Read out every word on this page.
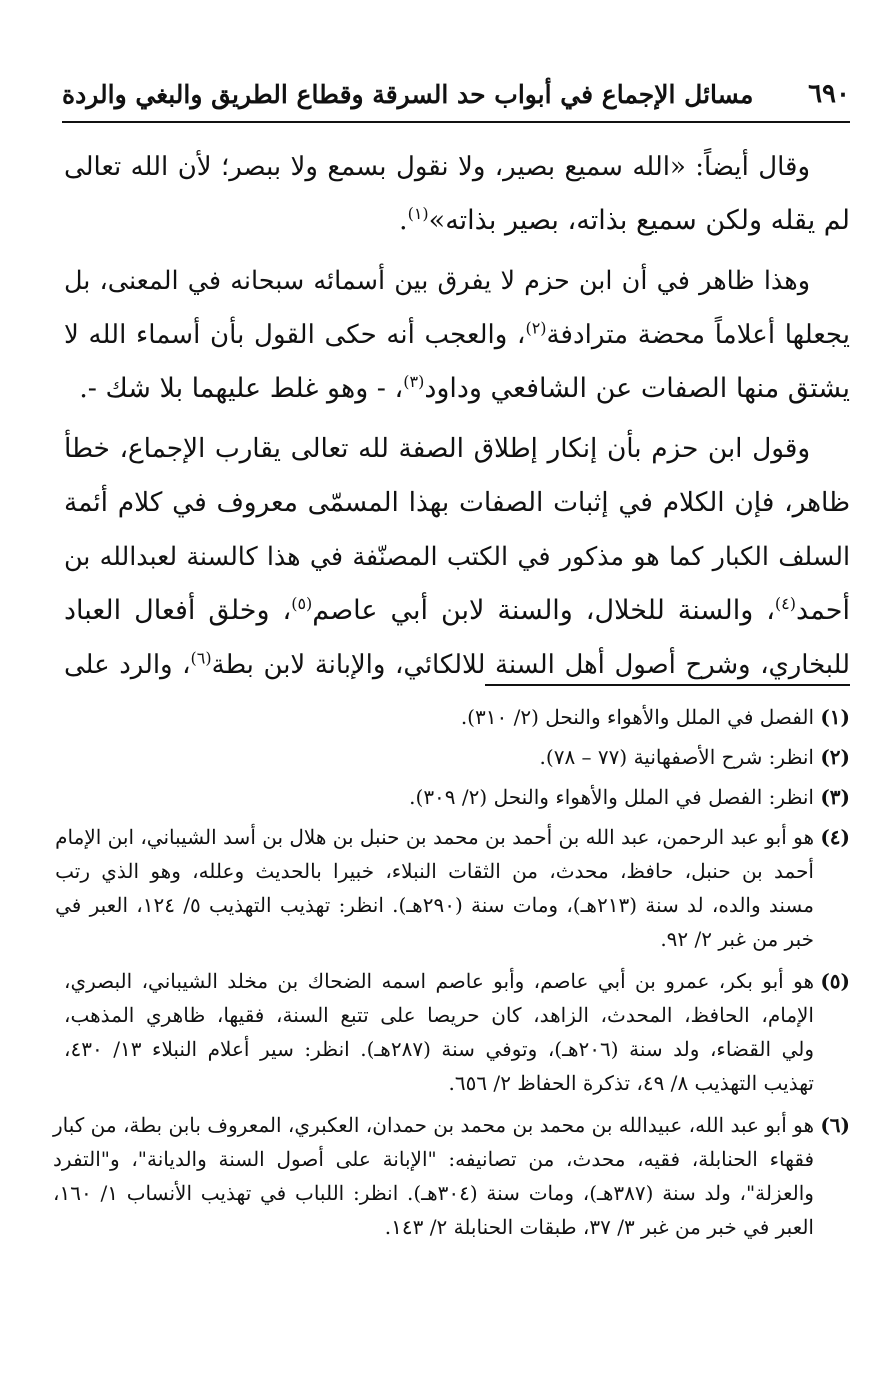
٦٩٠
مسائل الإجماع في أبواب حد السرقة وقطاع الطريق والبغي والردة
وقال أيضاً: «الله سميع بصير، ولا نقول بسمع ولا ببصر؛ لأن الله تعالى
لم يقله ولكن سميع بذاته، بصير بذاته»$^{(١)}$.
وهذا ظاهر في أن ابن حزم لا يفرق بين أسمائه سبحانه في المعنى، بل
يجعلها أعلاماً محضة مترادفة$^{(٢)}$، والعجب أنه حكى القول بأن أسماء الله لا
يشتق منها الصفات عن الشافعي وداود$^{(٣)}$، - وهو غلط عليهما بلا شك -.
وقول ابن حزم بأن إنكار إطلاق الصفة لله تعالى يقارب الإجماع، خطأ
ظاهر، فإن الكلام في إثبات الصفات بهذا المسمّى معروف في كلام أئمة
السلف الكبار كما هو مذكور في الكتب المصنّفة في هذا كالسنة لعبدالله بن
أحمد$^{(٤)}$، والسنة للخلال، والسنة لابن أبي عاصم$^{(٥)}$، وخلق أفعال العباد
للبخاري، وشرح أصول أهل السنة للالكائي، والإبانة لابن بطة$^{(٦)}$، والرد على
(١)
الفصل في الملل والأهواء والنحل (٢/ ٣١٠).
(٢)
انظر: شرح الأصفهانية (٧٧ – ٧٨).
(٣)
انظر: الفصل في الملل والأهواء والنحل (٢/ ٣٠٩).
(٤)
هو أبو عبد الرحمن، عبد الله بن أحمد بن محمد بن حنبل بن هلال بن أسد الشيباني، ابن الإمام
أحمد بن حنبل، حافظ، محدث، من الثقات النبلاء، خبيرا بالحديث وعلله، وهو الذي رتب
مسند والده، لد سنة (٢١٣هـ)، ومات سنة (٢٩٠هـ). انظر: تهذيب التهذيب ٥/ ١٢٤، العبر في
خبر من غبر ٢/ ٩٢.
(٥)
هو أبو بكر، عمرو بن أبي عاصم، وأبو عاصم اسمه الضحاك بن مخلد الشيباني، البصري،
الإمام، الحافظ، المحدث، الزاهد، كان حريصا على تتبع السنة، فقيها، ظاهري المذهب،
ولي القضاء، ولد سنة (٢٠٦هـ)، وتوفي سنة (٢٨٧هـ). انظر: سير أعلام النبلاء ١٣/ ٤٣٠،
تهذيب التهذيب ٨/ ٤٩، تذكرة الحفاظ ٢/ ٦٥٦.
(٦)
هو أبو عبد الله، عبيدالله بن محمد بن محمد بن حمدان، العكبري، المعروف بابن بطة، من كبار
فقهاء الحنابلة، فقيه، محدث، من تصانيفه: "الإبانة على أصول السنة والديانة"، و"التفرد
والعزلة"، ولد سنة (٣٨٧هـ)، ومات سنة (٣٠٤هـ). انظر: اللباب في تهذيب الأنساب ١/ ١٦٠،
العبر في خبر من غبر ٣/ ٣٧، طبقات الحنابلة ٢/ ١٤٣.
